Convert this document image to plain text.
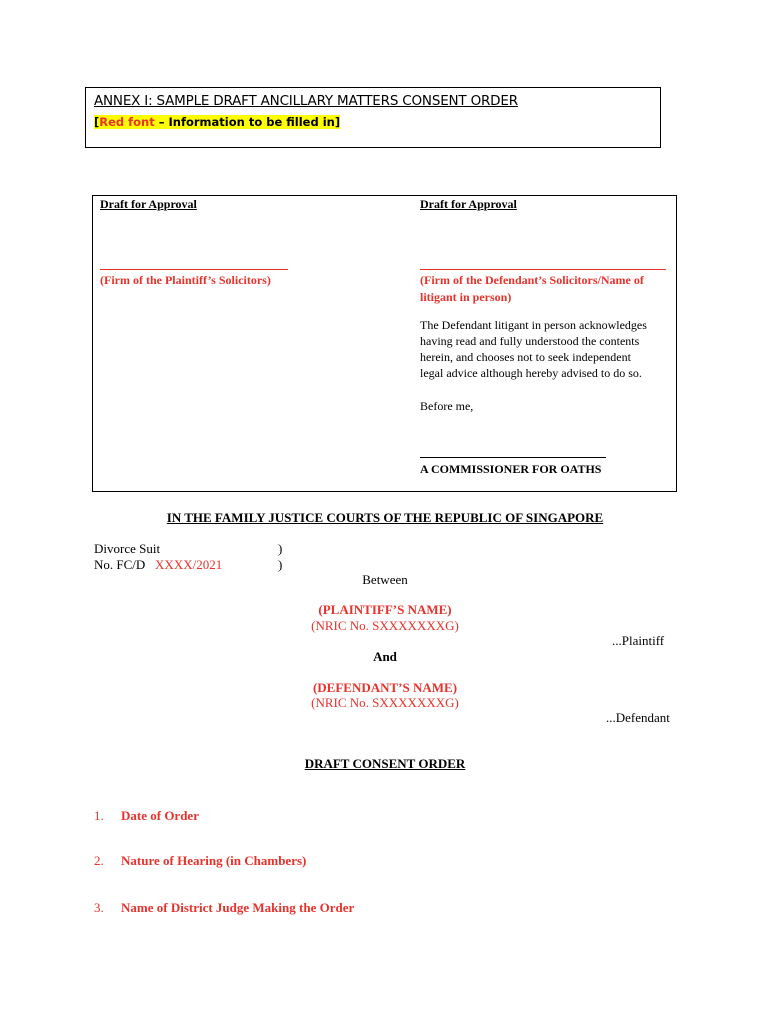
ANNEX I: SAMPLE DRAFT ANCILLARY MATTERS CONSENT ORDER
[Red font – Information to be filled in]
Draft for Approval	Draft for Approval
(Firm of the Plaintiff’s Solicitors)	(Firm of the Defendant’s Solicitors/Name of
litigant in person)
The Defendant litigant in person acknowledges
having read and fully understood the contents
herein, and chooses not to seek independent
legal advice although hereby advised to do so.
Before me,
A COMMISSIONER FOR OATHS
IN THE FAMILY JUSTICE COURTS OF THE REPUBLIC OF SINGAPORE
Divorce Suit
No. FC/D XXXX/2021
)
)
Between
(PLAINTIFF’S NAME)
(NRIC No. SXXXXXXXG)
...Plaintiff
And
(DEFENDANT’S NAME)
(NRIC No. SXXXXXXXG)
...Defendant
DRAFT CONSENT ORDER
1. Date of Order
2. Nature of Hearing (in Chambers)
3. Name of District Judge Making the Order
